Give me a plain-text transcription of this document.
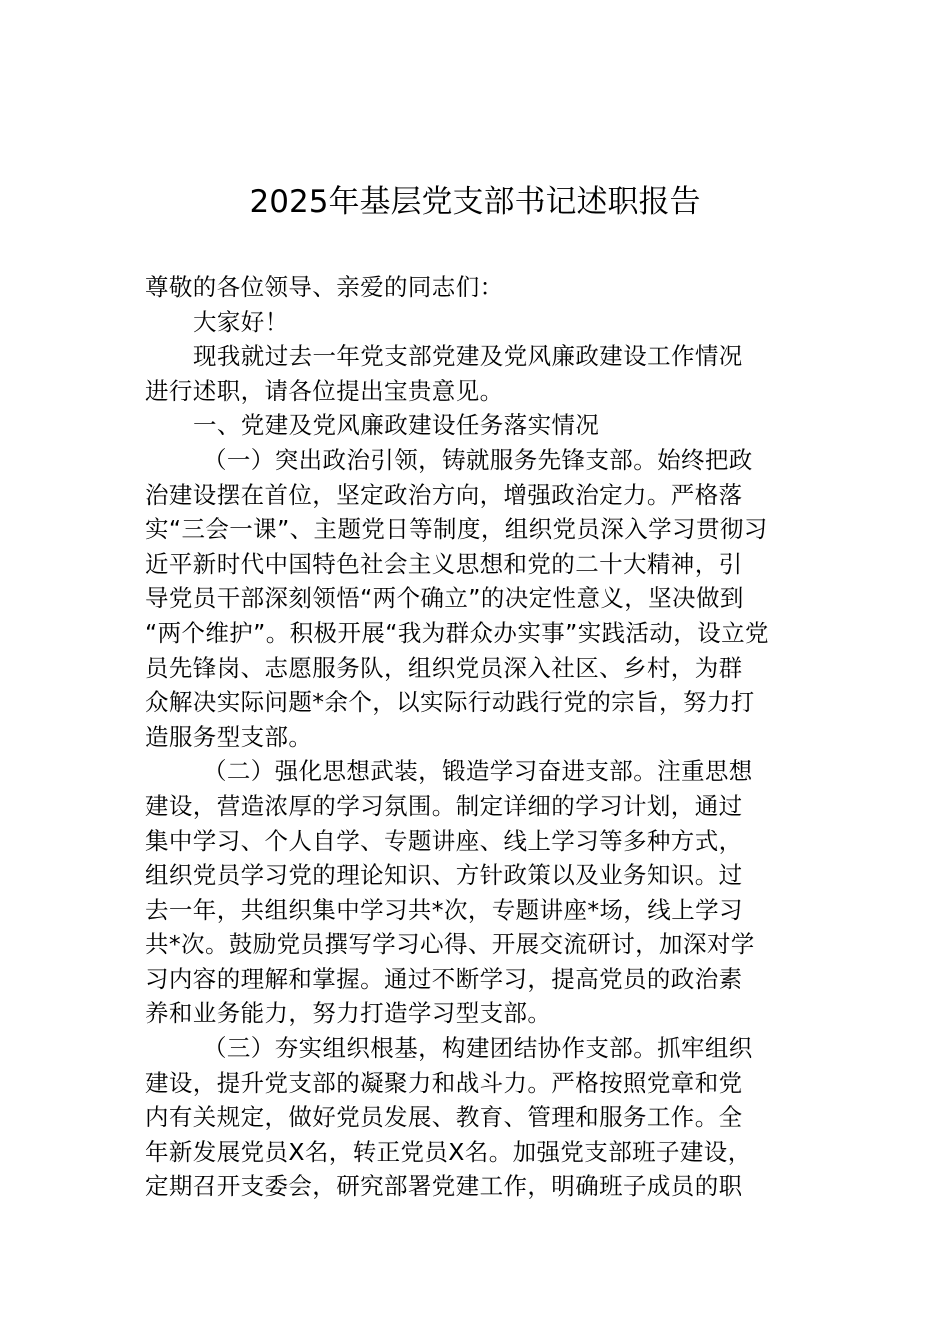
2025年基层党支部书记述职报告
尊敬的各位领导、亲爱的同志们：
大家好！
现我就过去一年党支部党建及党风廉政建设工作情况
进行述职，请各位提出宝贵意见。
一、党建及党风廉政建设任务落实情况
（一）突出政治引领，铸就服务先锋支部。始终把政
治建设摆在首位，坚定政治方向，增强政治定力。严格落
实“三会一课”、主题党日等制度，组织党员深入学习贯彻习
近平新时代中国特色社会主义思想和党的二十大精神，引
导党员干部深刻领悟“两个确立”的决定性意义，坚决做到
“两个维护”。积极开展“我为群众办实事”实践活动，设立党
员先锋岗、志愿服务队，组织党员深入社区、乡村，为群
众解决实际问题*余个，以实际行动践行党的宗旨，努力打
造服务型支部。
（二）强化思想武装，锻造学习奋进支部。注重思想
建设，营造浓厚的学习氛围。制定详细的学习计划，通过
集中学习、个人自学、专题讲座、线上学习等多种方式，
组织党员学习党的理论知识、方针政策以及业务知识。过
去一年，共组织集中学习共*次，专题讲座*场，线上学习
共*次。鼓励党员撰写学习心得、开展交流研讨，加深对学
习内容的理解和掌握。通过不断学习，提高党员的政治素
养和业务能力，努力打造学习型支部。
（三）夯实组织根基，构建团结协作支部。抓牢组织
建设，提升党支部的凝聚力和战斗力。严格按照党章和党
内有关规定，做好党员发展、教育、管理和服务工作。全
年新发展党员X名，转正党员X名。加强党支部班子建设，
定期召开支委会，研究部署党建工作，明确班子成员的职
